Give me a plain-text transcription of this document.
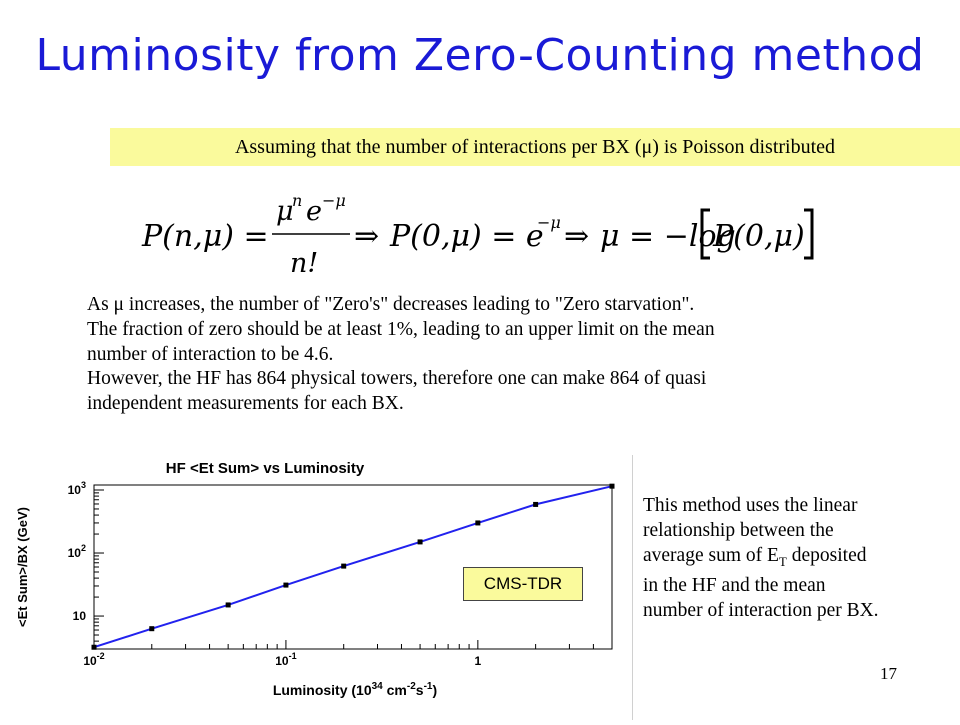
Luminosity from Zero-Counting method
Assuming that the number of interactions per BX (μ) is Poisson distributed
P(n,μ) =
μ
n e −μ
n!
⇒ P(0,μ) = e
−μ ⇒ μ = −log
P(0,μ)
As μ increases, the number of "Zero's" decreases leading to "Zero starvation".
The fraction of zero should be at least 1%, leading to an upper limit on the mean
number of interaction to be 4.6.
However, the HF has 864 physical towers, therefore one can make 864 of quasi
independent measurements for each BX.
HF <Et Sum> vs Luminosity
$10^{-2}$	$10^{-1}$	1
10
$10^2$
$10^3$
<Et Sum>/BX (GeV)
Luminosity ($10^{34}$ $cm^{-2}s^{-1}$)
CMS-TDR
This method uses the linear
relationship between the
average sum of $E_T$ deposited
in the HF and the mean
number of interaction per BX.
17
